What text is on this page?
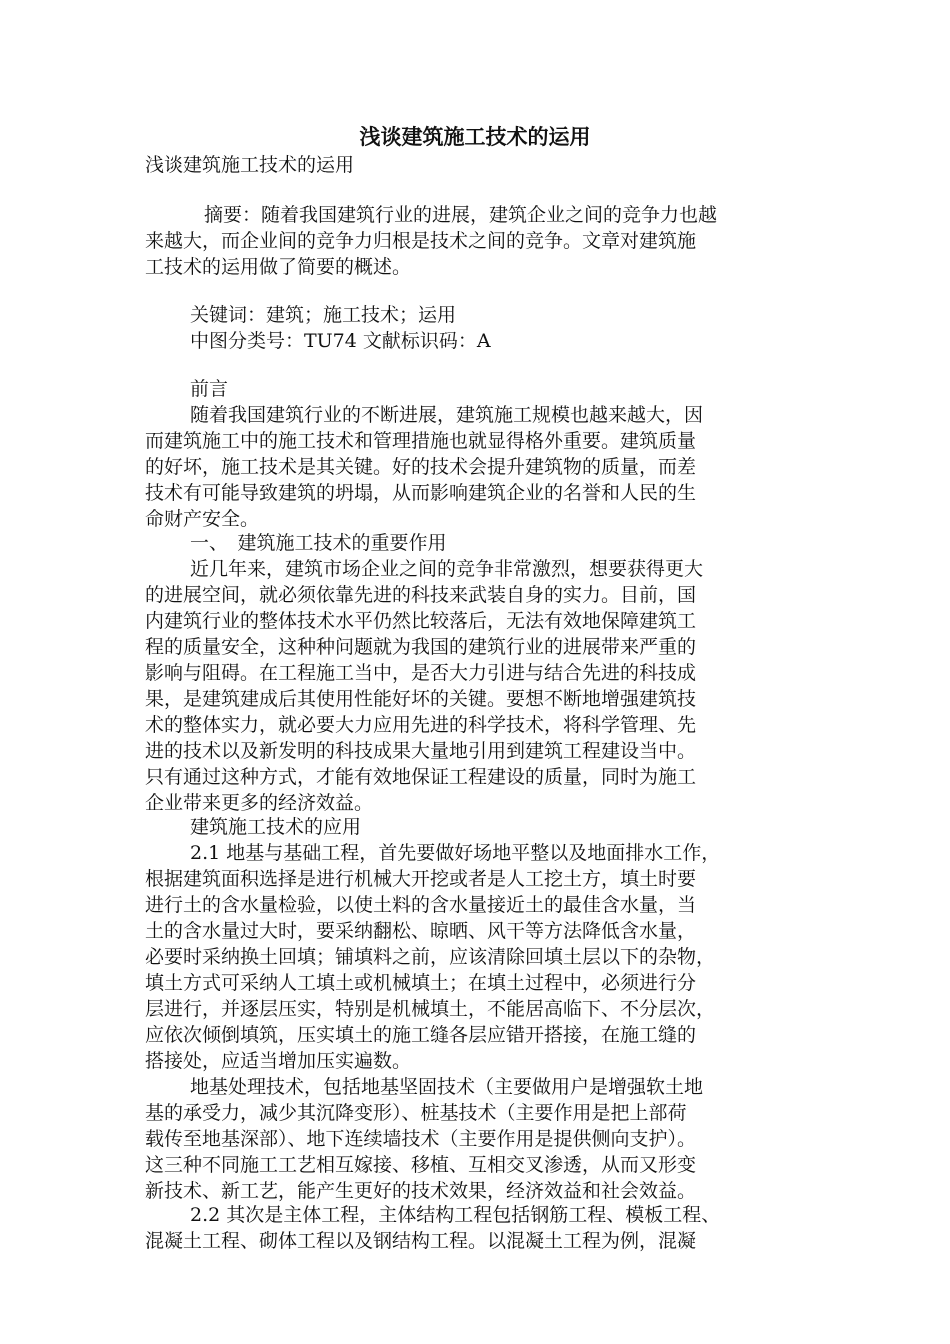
浅谈建筑施工技术的运用
浅谈建筑施工技术的运用
　摘要：随着我国建筑行业的进展，建筑企业之间的竞争力也越
来越大，而企业间的竞争力归根是技术之间的竞争。文章对建筑施
工技术的运用做了简要的概述。
关键词：建筑；施工技术；运用
中图分类号：TU74 文献标识码：A
前言
随着我国建筑行业的不断进展，建筑施工规模也越来越大，因
而建筑施工中的施工技术和管理措施也就显得格外重要。建筑质量
的好坏，施工技术是其关键。好的技术会提升建筑物的质量，而差
技术有可能导致建筑的坍塌，从而影响建筑企业的名誉和人民的生
命财产安全。
一、　建筑施工技术的重要作用
近几年来，建筑市场企业之间的竞争非常激烈，想要获得更大
的进展空间，就必须依靠先进的科技来武装自身的实力。目前，国
内建筑行业的整体技术水平仍然比较落后，无法有效地保障建筑工
程的质量安全，这种种问题就为我国的建筑行业的进展带来严重的
影响与阻碍。在工程施工当中，是否大力引进与结合先进的科技成
果，是建筑建成后其使用性能好坏的关键。要想不断地增强建筑技
术的整体实力，就必要大力应用先进的科学技术，将科学管理、先
进的技术以及新发明的科技成果大量地引用到建筑工程建设当中。
只有通过这种方式，才能有效地保证工程建设的质量，同时为施工
企业带来更多的经济效益。
建筑施工技术的应用
2.1 地基与基础工程，首先要做好场地平整以及地面排水工作，
根据建筑面积选择是进行机械大开挖或者是人工挖土方，填土时要
进行土的含水量检验，以使土料的含水量接近土的最佳含水量，当
土的含水量过大时，要采纳翻松、晾晒、风干等方法降低含水量，
必要时采纳换土回填；铺填料之前，应该清除回填土层以下的杂物，
填土方式可采纳人工填土或机械填土；在填土过程中，必须进行分
层进行，并逐层压实，特别是机械填土，不能居高临下、不分层次，
应依次倾倒填筑，压实填土的施工缝各层应错开搭接，在施工缝的
搭接处，应适当增加压实遍数。
地基处理技术，包括地基坚固技术（主要做用户是增强软土地
基的承受力，减少其沉降变形）、桩基技术（主要作用是把上部荷
载传至地基深部）、地下连续墙技术（主要作用是提供侧向支护）。
这三种不同施工工艺相互嫁接、移植、互相交叉渗透，从而又形变
新技术、新工艺，能产生更好的技术效果，经济效益和社会效益。
2.2 其次是主体工程，主体结构工程包括钢筋工程、模板工程、
混凝土工程、砌体工程以及钢结构工程。以混凝土工程为例，混凝
